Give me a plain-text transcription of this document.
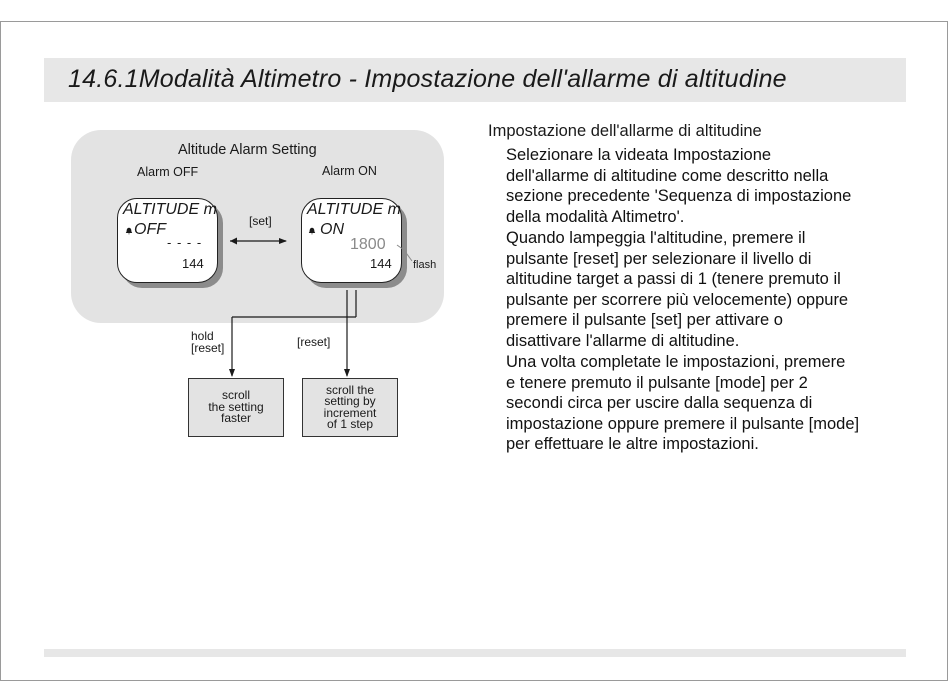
14.6.1Modalità Altimetro - Impostazione dell'allarme di altitudine
Altitude Alarm Setting
Alarm OFF	Alarm ON
ALTITUDE m
OFF
- - - -
144
ALTITUDE m
ON
1800
144
[set]
flash
hold
[reset]	[reset]
scroll
the setting
faster
scroll the
setting by
increment
of 1 step
Impostazione dell'allarme di altitudine
Selezionare la videata Impostazione
dell'allarme di altitudine come descritto nella
sezione precedente 'Sequenza di impostazione
della modalità Altimetro'.
Quando lampeggia l'altitudine, premere il
pulsante [reset] per selezionare il livello di
altitudine target a passi di 1 (tenere premuto il
pulsante per scorrere più velocemente) oppure
premere il pulsante [set] per attivare o
disattivare l'allarme di altitudine.
Una volta completate le impostazioni, premere
e tenere premuto il pulsante [mode] per 2
secondi circa per uscire dalla sequenza di
impostazione oppure premere il pulsante [mode]
per effettuare le altre impostazioni.
